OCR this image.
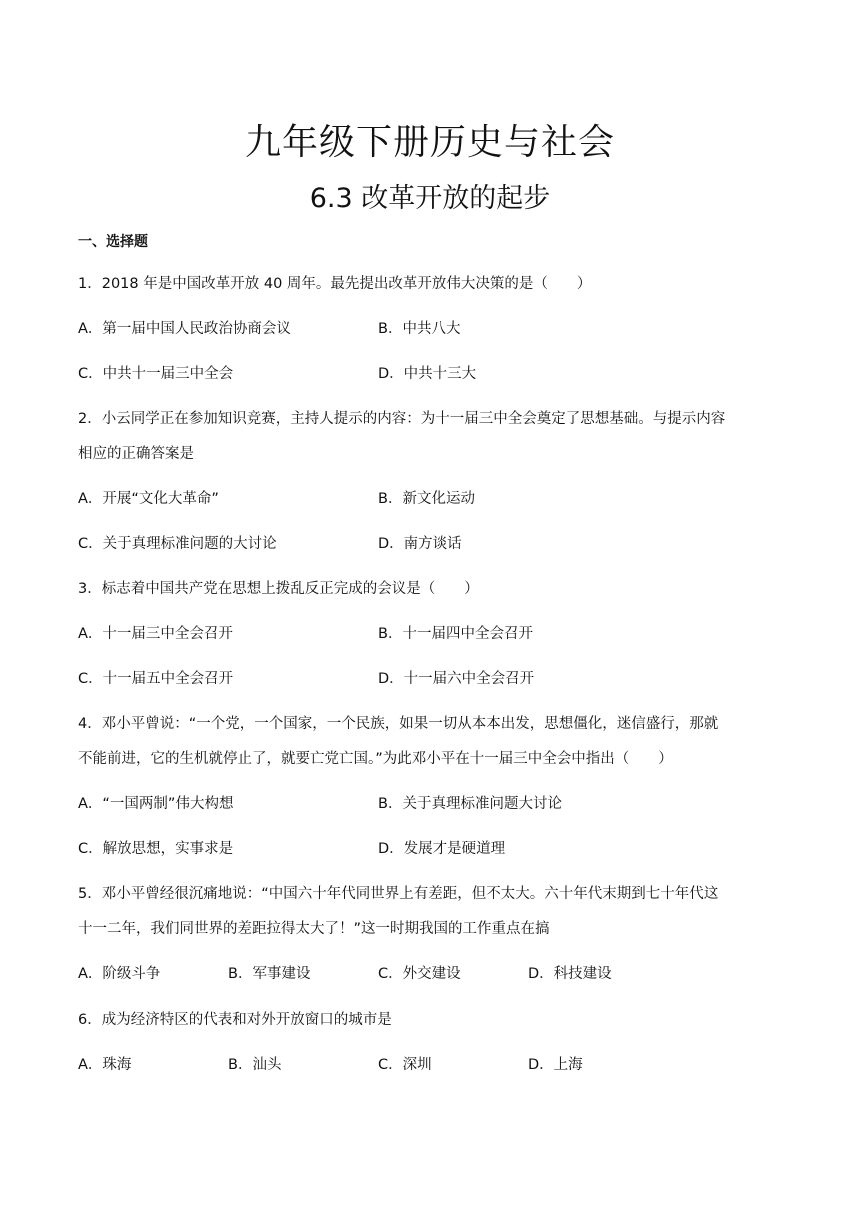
九年级下册历史与社会
6.3 改革开放的起步
一、选择题
1．2018 年是中国改革开放 40 周年。最先提出改革开放伟大决策的是（　　）
A．第一届中国人民政治协商会议	B．中共八大
C．中共十一届三中全会	D．中共十三大
2．小云同学正在参加知识竞赛，主持人提示的内容：为十一届三中全会奠定了思想基础。与提示内容
相应的正确答案是
A．开展“文化大革命”	B．新文化运动
C．关于真理标准问题的大讨论	D．南方谈话
3．标志着中国共产党在思想上拨乱反正完成的会议是（　　）
A．十一届三中全会召开	B．十一届四中全会召开
C．十一届五中全会召开	D．十一届六中全会召开
4．邓小平曾说：“一个党，一个国家，一个民族，如果一切从本本出发，思想僵化，迷信盛行，那就
不能前进，它的生机就停止了，就要亡党亡国。”为此邓小平在十一届三中全会中指出（　　）
A．“一国两制”伟大构想	B．关于真理标准问题大讨论
C．解放思想，实事求是	D．发展才是硬道理
5．邓小平曾经很沉痛地说：“中国六十年代同世界上有差距，但不太大。六十年代末期到七十年代这
十一二年，我们同世界的差距拉得太大了！”这一时期我国的工作重点在搞
A．阶级斗争	B．军事建设	C．外交建设	D．科技建设
6．成为经济特区的代表和对外开放窗口的城市是
A．珠海	B．汕头	C．深圳	D．上海
